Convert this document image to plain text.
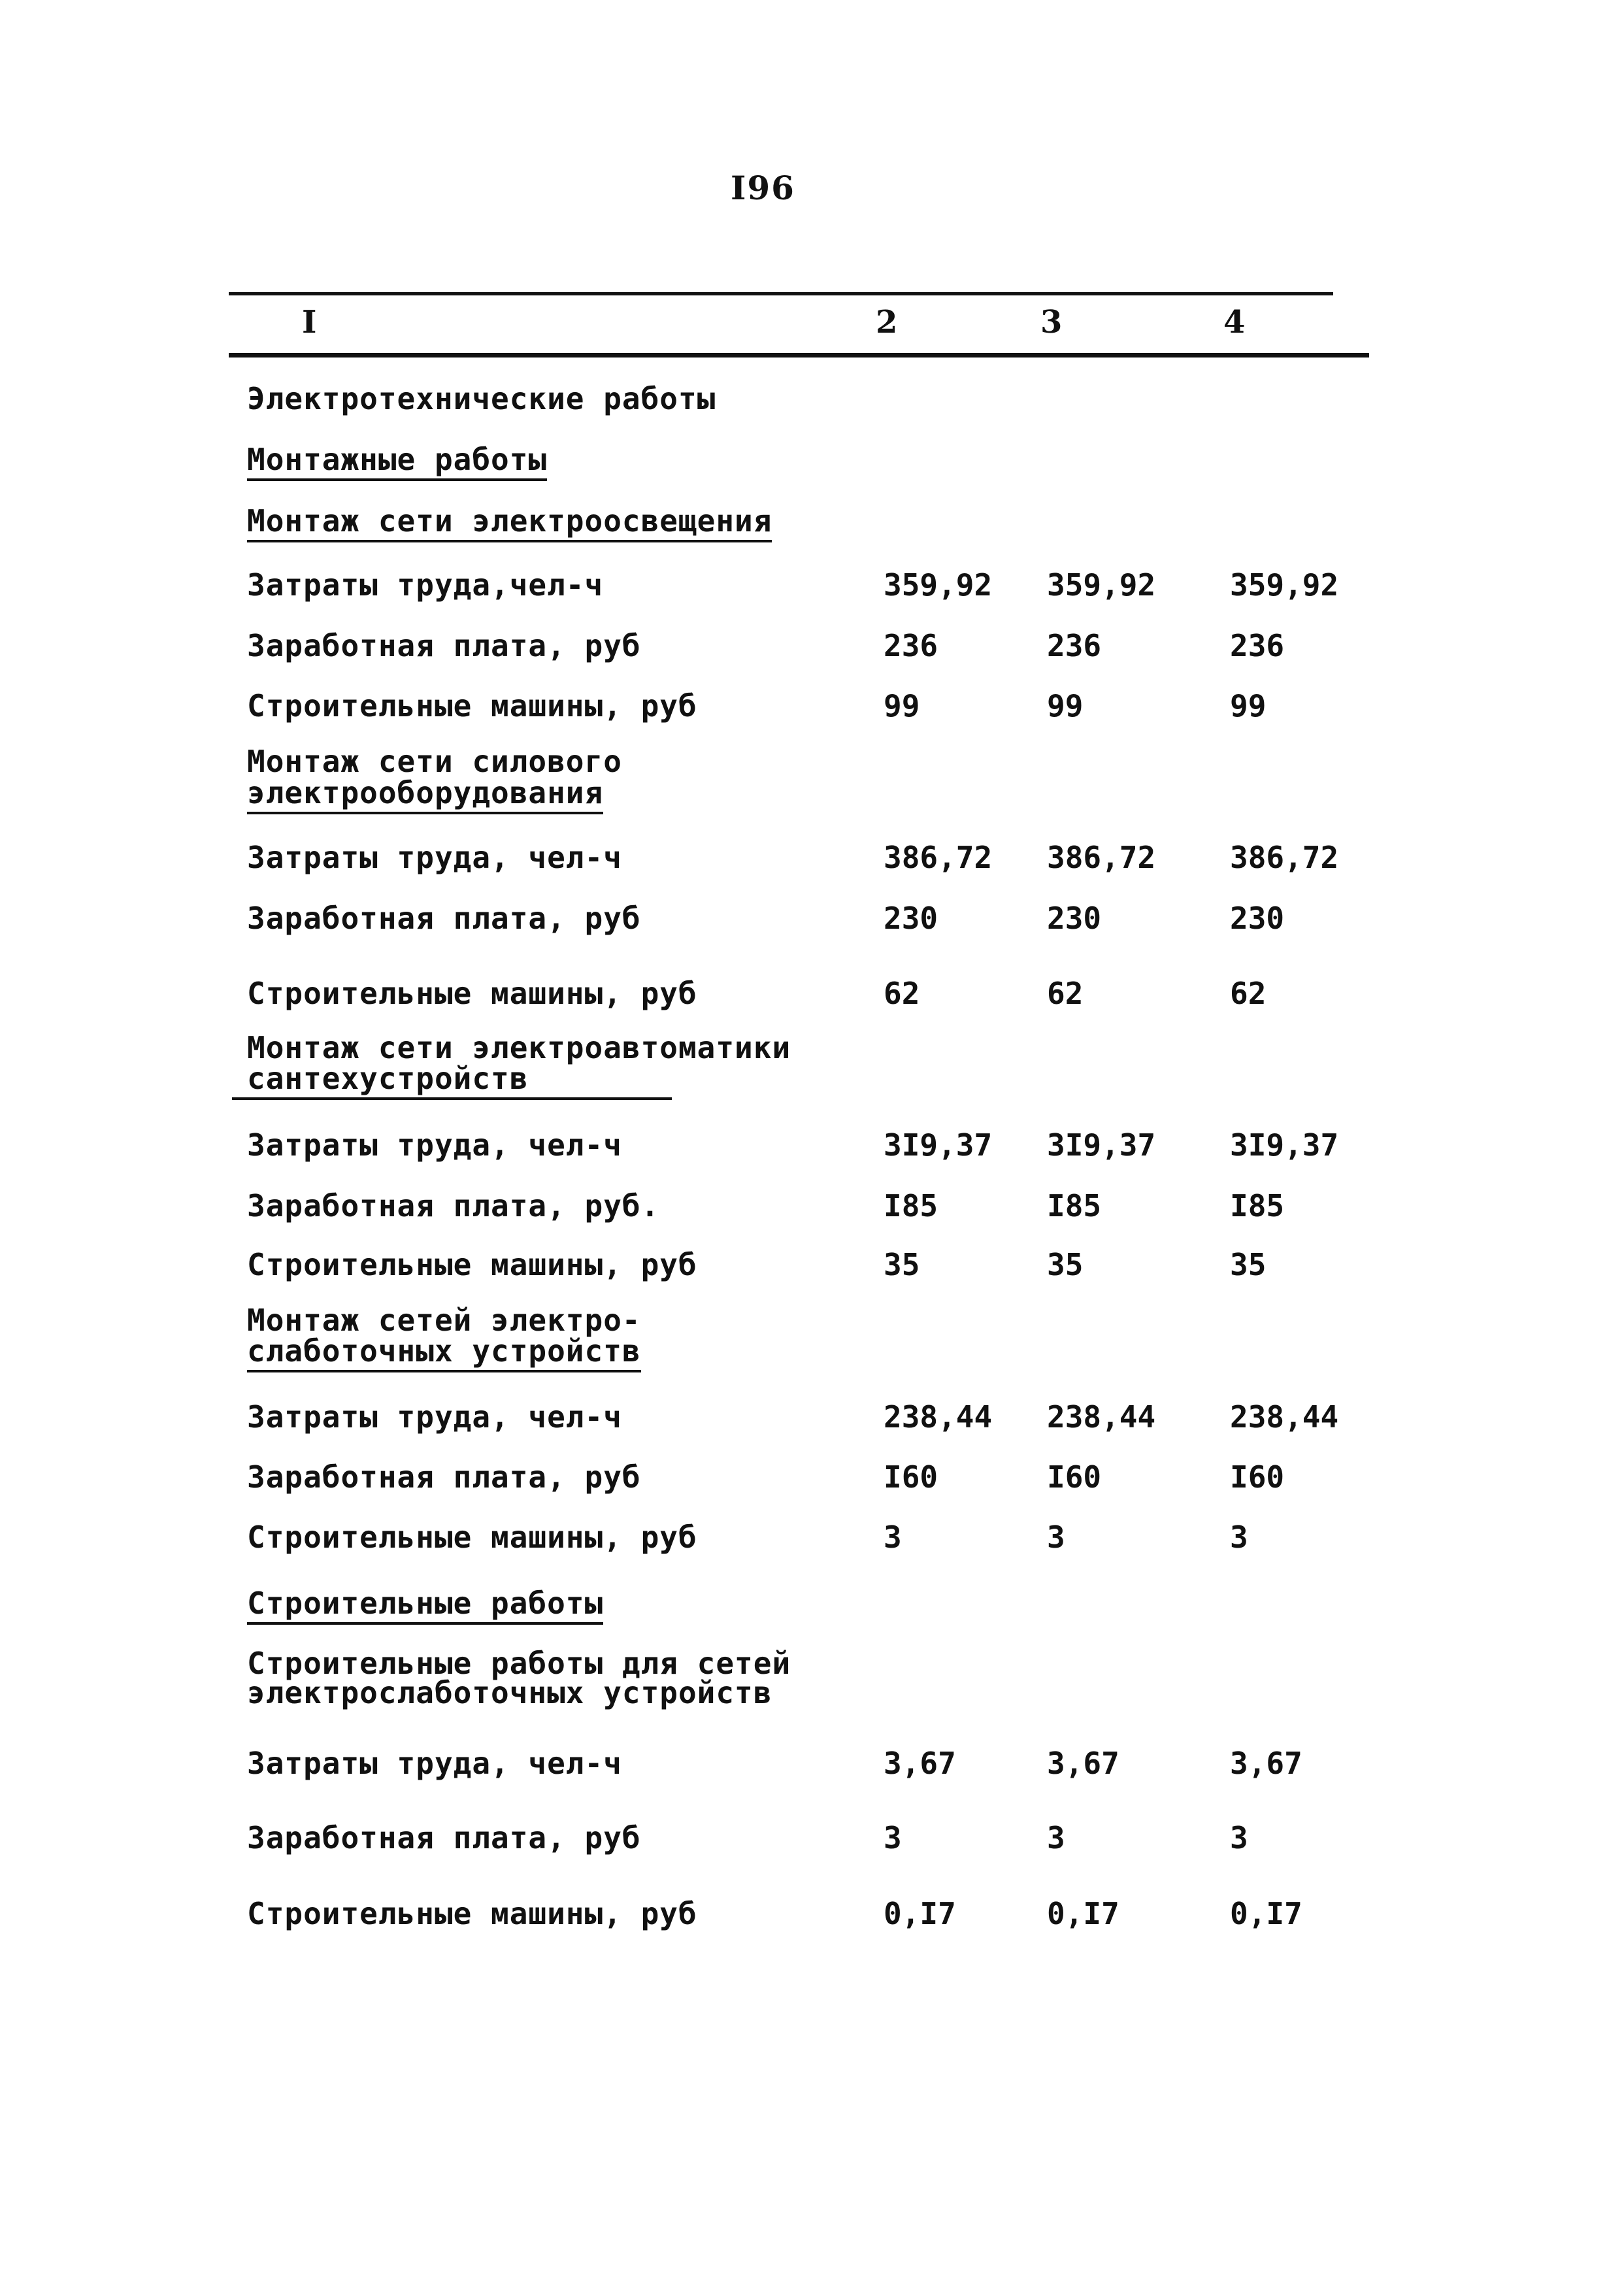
I96
I	2	3	4
Электротехнические работы
Монтажные работы
Монтаж сети электроосвещения
Затраты труда,чел-ч	359,92 359,92 359,92
Заработная плата, руб	236	236	236
Строительные машины, руб	99	99	99
Монтаж сети силового
электрооборудования
Затраты труда, чел-ч	386,72 386,72 386,72
Заработная плата, руб	230	230	230
Строительные машины, руб	62	62	62
Монтаж сети электроавтоматики
сантехустройств
Затраты труда, чел-ч	3I9,37 3I9,37 3I9,37
Заработная плата, руб.	I85	I85	I85
Строительные машины, руб	35	35	35
Монтаж сетей электро-
слаботочных устройств
Затраты труда, чел-ч	238,44 238,44 238,44
Заработная плата, руб	I60	I60	I60
Строительные машины, руб	3	3	3
Строительные работы
Строительные работы для сетей
электрослаботочных устройств
Затраты труда, чел-ч	3,67	3,67	3,67
Заработная плата, руб	3	3	3
Строительные машины, руб	0,I7	0,I7	0,I7
